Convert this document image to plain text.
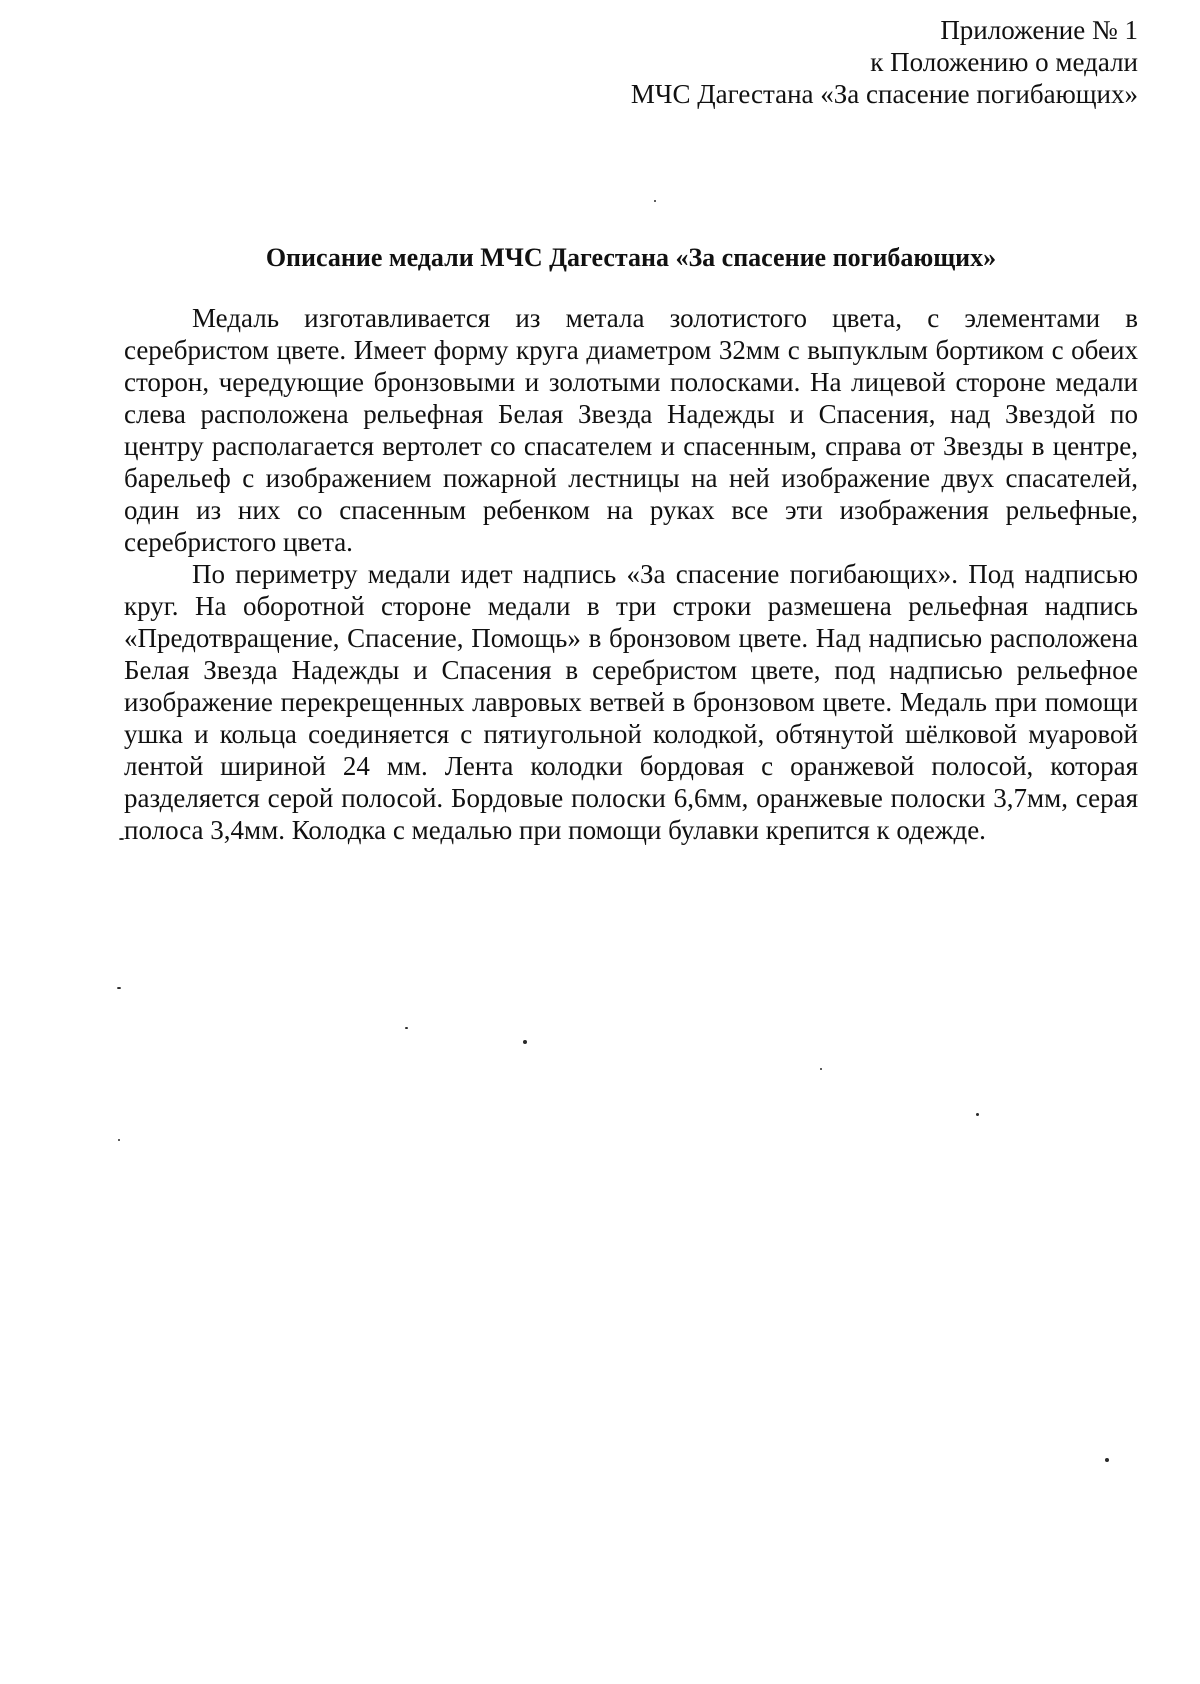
Приложение № 1
к Положению о медали
МЧС Дагестана «За спасение погибающих»
Описание медали МЧС Дагестана «За спасение погибающих»

Медаль изготавливается из метала золотистого цвета, с элементами в серебристом цвете. Имеет форму круга диаметром 32мм с выпуклым бортиком с обеих сторон, чередующие бронзовыми и золотыми полосками. На лицевой стороне медали слева расположена рельефная Белая Звезда Надежды и Спасения, над Звездой по центру располагается вертолет со спасателем и спасенным, справа от Звезды в центре, барельеф с изображением пожарной лестницы на ней изображение двух спасателей, один из них со спасенным ребенком на руках все эти изображения рельефные, серебристого цвета.

По периметру медали идет надпись «За спасение погибающих». Под надписью круг. На оборотной стороне медали в три строки размешена рельефная надпись «Предотвращение, Спасение, Помощь» в бронзовом цвете. Над надписью расположена Белая Звезда Надежды и Спасения в серебристом цвете, под надписью рельефное изображение перекрещенных лавровых ветвей в бронзовом цвете. Медаль при помощи ушка и кольца соединяется с пятиугольной колодкой, обтянутой шёлковой муаровой лентой шириной 24 мм. Лента колодки бордовая с оранжевой полосой, которая разделяется серой полосой. Бордовые полоски 6,6мм, оранжевые полоски 3,7мм, серая полоса 3,4мм. Колодка с медалью при помощи булавки крепится к одежде.
